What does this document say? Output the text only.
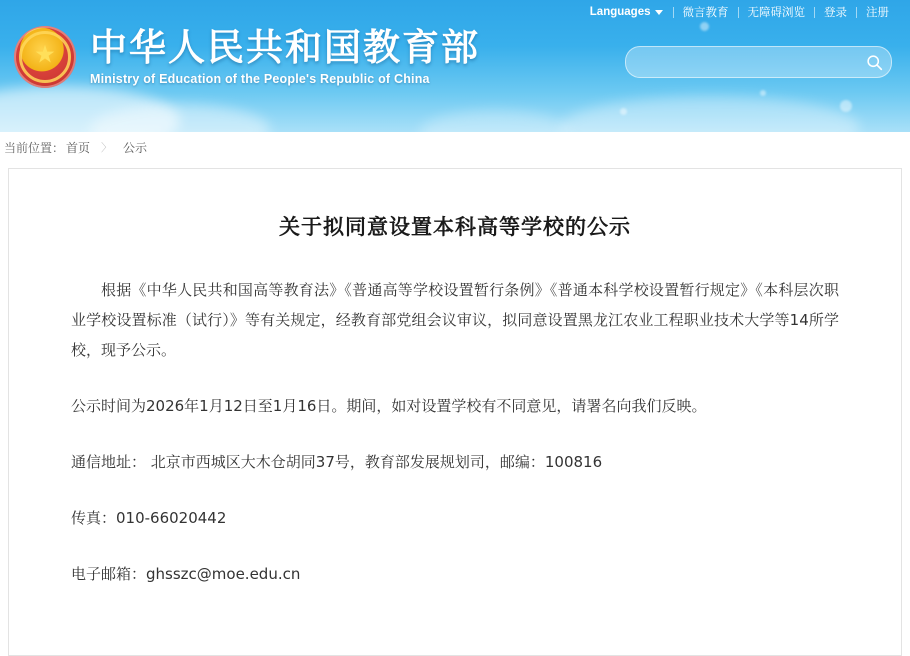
Languages	微言教育	无障碍浏览	登录	注册
★ 中华人民共和国教育部
Ministry of Education of the People's Republic of China
当前位置： 首页 〉 公示
关于拟同意设置本科高等学校的公示

根据《中华人民共和国高等教育法》《普通高等学校设置暂行条例》《普通本科学校设置暂行规定》《本科层次职业学校设置标准（试行）》等有关规定，经教育部党组会议审议，拟同意设置黑龙江农业工程职业技术大学等14所学校，现予公示。

公示时间为2026年1月12日至1月16日。期间，如对设置学校有不同意见，请署名向我们反映。

通信地址： 北京市西城区大木仓胡同37号，教育部发展规划司，邮编：100816

传真：010-66020442

电子邮箱：ghsszc@moe.edu.cn
